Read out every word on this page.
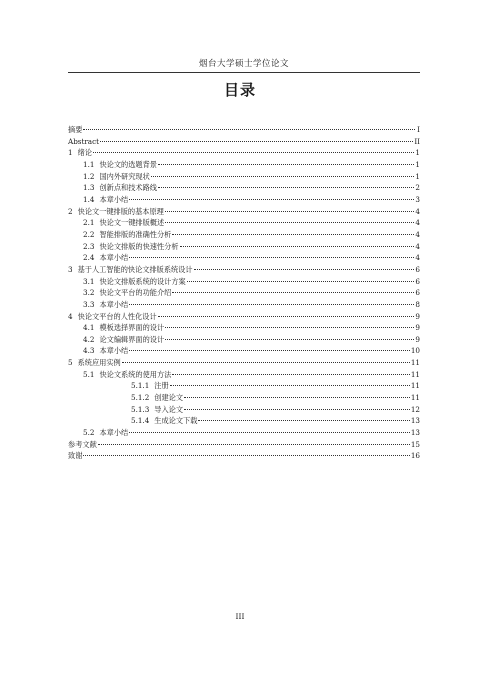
烟台大学硕士学位论文
目录
摘要	I
Abstract	II
1 绪论	1
1.1 快论文的选题背景	1
1.2 国内外研究现状	1
1.3 创新点和技术路线	2
1.4 本章小结	3
2 快论文一键排版的基本原理	4
2.1 快论文一键排版概述	4
2.2 智能排版的准确性分析	4
2.3 快论文排版的快速性分析	4
2.4 本章小结	4
3 基于人工智能的快论文排版系统设计	6
3.1 快论文排版系统的设计方案	6
3.2 快论文平台的功能介绍	6
3.3 本章小结	8
4 快论文平台的人性化设计	9
4.1 模板选择界面的设计	9
4.2 论文编辑界面的设计	9
4.3 本章小结	10
5 系统应用实例	11
5.1 快论文系统的使用方法	11
5.1.1 注册	11
5.1.2 创建论文	11
5.1.3 导入论文	12
5.1.4 生成论文下载	13
5.2 本章小结	13
参考文献	15
致谢	16
III
